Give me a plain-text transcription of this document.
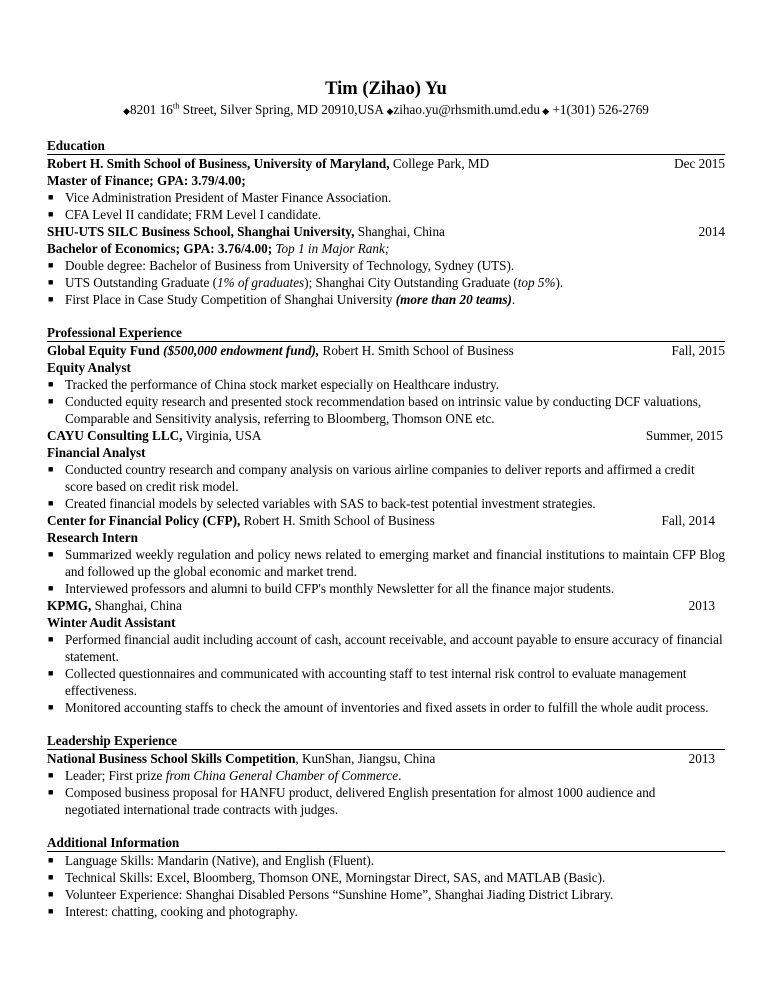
Tim (Zihao) Yu
◆8201 16th Street, Silver Spring, MD 20910,USA ◆zihao.yu@rhsmith.umd.edu ◆ +1(301) 526-2769
Education
Robert H. Smith School of Business, University of Maryland, College Park, MD	Dec 2015
Master of Finance; GPA: 3.79/4.00;
■ Vice Administration President of Master Finance Association.
■ CFA Level II candidate; FRM Level I candidate.
SHU-UTS SILC Business School, Shanghai University, Shanghai, China	2014
Bachelor of Economics; GPA: 3.76/4.00; Top 1 in Major Rank;
■ Double degree: Bachelor of Business from University of Technology, Sydney (UTS).
■ UTS Outstanding Graduate (1% of graduates); Shanghai City Outstanding Graduate (top 5%).
■ First Place in Case Study Competition of Shanghai University (more than 20 teams).
Professional Experience
Global Equity Fund ($500,000 endowment fund), Robert H. Smith School of Business	Fall, 2015
Equity Analyst
■ Tracked the performance of China stock market especially on Healthcare industry.
■ Conducted equity research and presented stock recommendation based on intrinsic value by conducting DCF valuations, Comparable and Sensitivity analysis, referring to Bloomberg, Thomson ONE etc.
CAYU Consulting LLC, Virginia, USA	Summer, 2015
Financial Analyst
■ Conducted country research and company analysis on various airline companies to deliver reports and affirmed a credit score based on credit risk model.
■ Created financial models by selected variables with SAS to back-test potential investment strategies.
Center for Financial Policy (CFP), Robert H. Smith School of Business	Fall, 2014
Research Intern
■ Summarized weekly regulation and policy news related to emerging market and financial institutions to maintain CFP Blog and followed up the global economic and market trend.
■ Interviewed professors and alumni to build CFP's monthly Newsletter for all the finance major students.
KPMG, Shanghai, China	2013
Winter Audit Assistant
■ Performed financial audit including account of cash, account receivable, and account payable to ensure accuracy of financial statement.
■ Collected questionnaires and communicated with accounting staff to test internal risk control to evaluate management effectiveness.
■ Monitored accounting staffs to check the amount of inventories and fixed assets in order to fulfill the whole audit process.
Leadership Experience
National Business School Skills Competition, KunShan, Jiangsu, China	2013
■ Leader; First prize from China General Chamber of Commerce.
■ Composed business proposal for HANFU product, delivered English presentation for almost 1000 audience and negotiated international trade contracts with judges.
Additional Information
■ Language Skills: Mandarin (Native), and English (Fluent).
■ Technical Skills: Excel, Bloomberg, Thomson ONE, Morningstar Direct, SAS, and MATLAB (Basic).
■ Volunteer Experience: Shanghai Disabled Persons “Sunshine Home”, Shanghai Jiading District Library.
■ Interest: chatting, cooking and photography.
